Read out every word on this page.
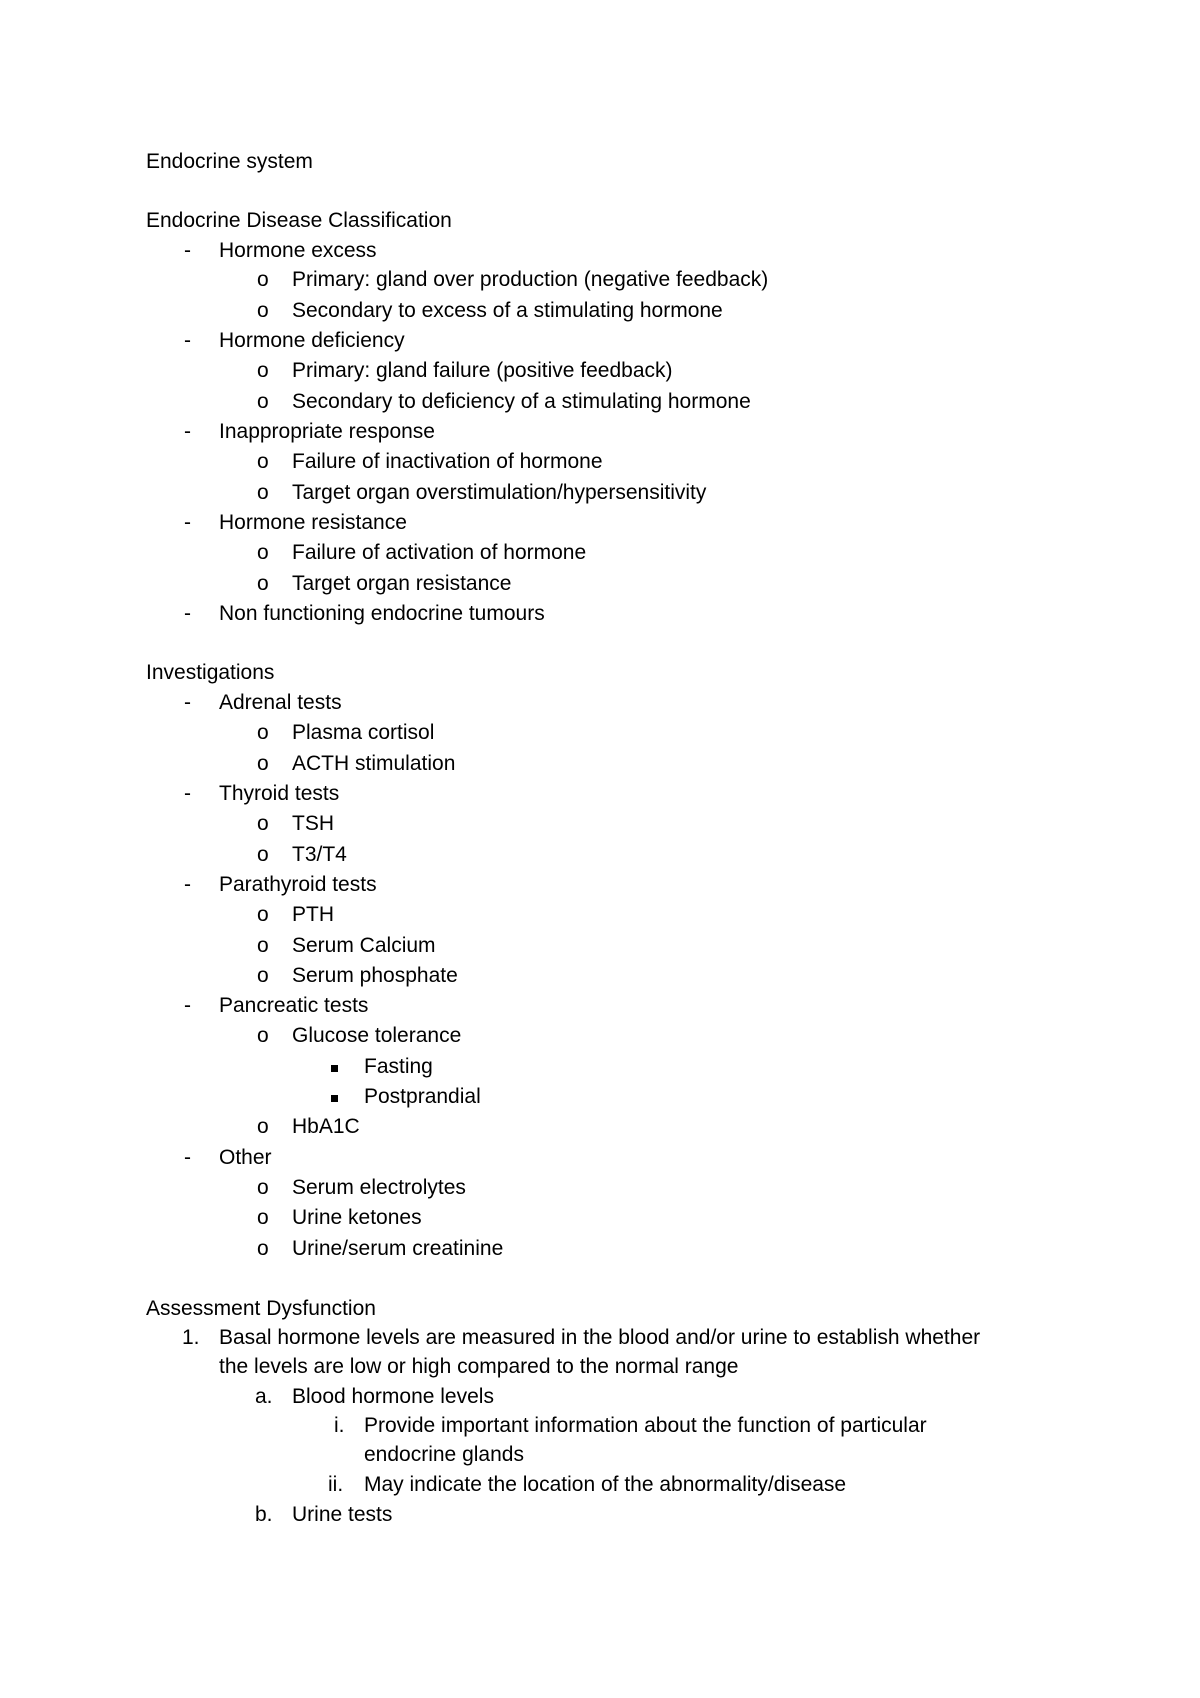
Endocrine system
Endocrine Disease Classification
- Hormone excess
o Primary: gland over production (negative feedback)
o Secondary to excess of a stimulating hormone
- Hormone deficiency
o Primary: gland failure (positive feedback)
o Secondary to deficiency of a stimulating hormone
- Inappropriate response
o Failure of inactivation of hormone
o Target organ overstimulation/hypersensitivity
- Hormone resistance
o Failure of activation of hormone
o Target organ resistance
- Non functioning endocrine tumours
Investigations
- Adrenal tests
o Plasma cortisol
o ACTH stimulation
- Thyroid tests
o TSH
o T3/T4
- Parathyroid tests
o PTH
o Serum Calcium
o Serum phosphate
- Pancreatic tests
o Glucose tolerance
Fasting
Postprandial
o HbA1C
- Other
o Serum electrolytes
o Urine ketones
o Urine/serum creatinine
Assessment Dysfunction
1. Basal hormone levels are measured in the blood and/or urine to establish whether
the levels are low or high compared to the normal range
a. Blood hormone levels
i. Provide important information about the function of particular
endocrine glands
ii. May indicate the location of the abnormality/disease
b. Urine tests
